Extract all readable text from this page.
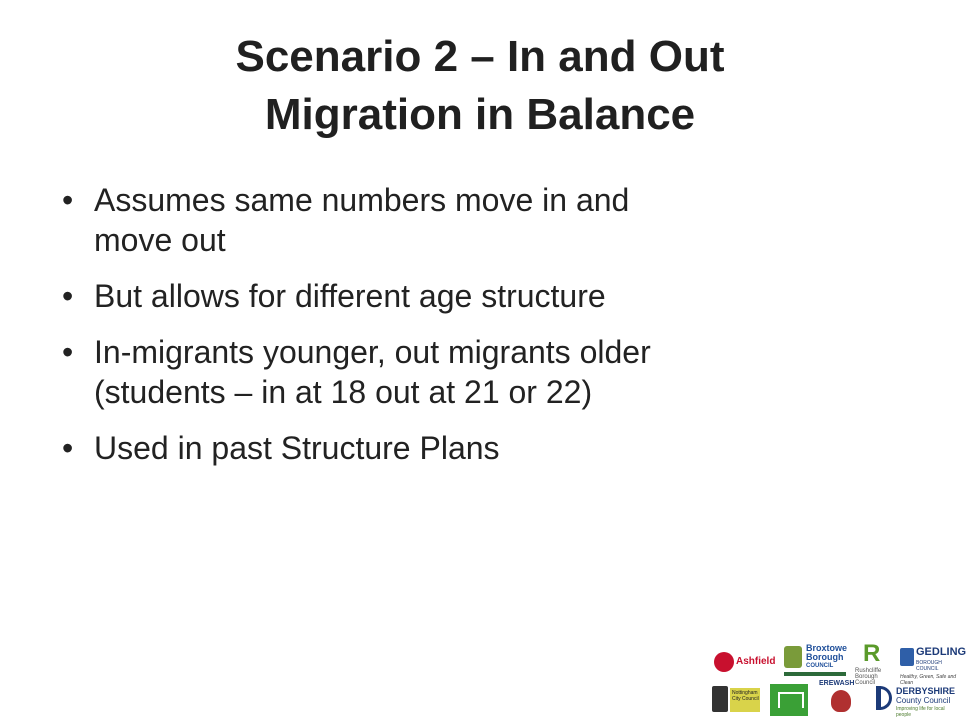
Scenario 2 – In and Out
Migration in Balance
• Assumes same numbers move in and
move out
• But allows for different age structure
• In-migrants younger, out migrants older
(students – in at 18 out at 21 or 22)
• Used in past Structure Plans
Ashfield
Broxtowe
Borough
COUNCIL	R
Rushcliffe Borough Council
GEDLING
BOROUGH COUNCIL
Healthy, Green, Safe and Clean
Nottingham
City Council
EREWASH
DERBYSHIRE
County Council
Improving life for local people
